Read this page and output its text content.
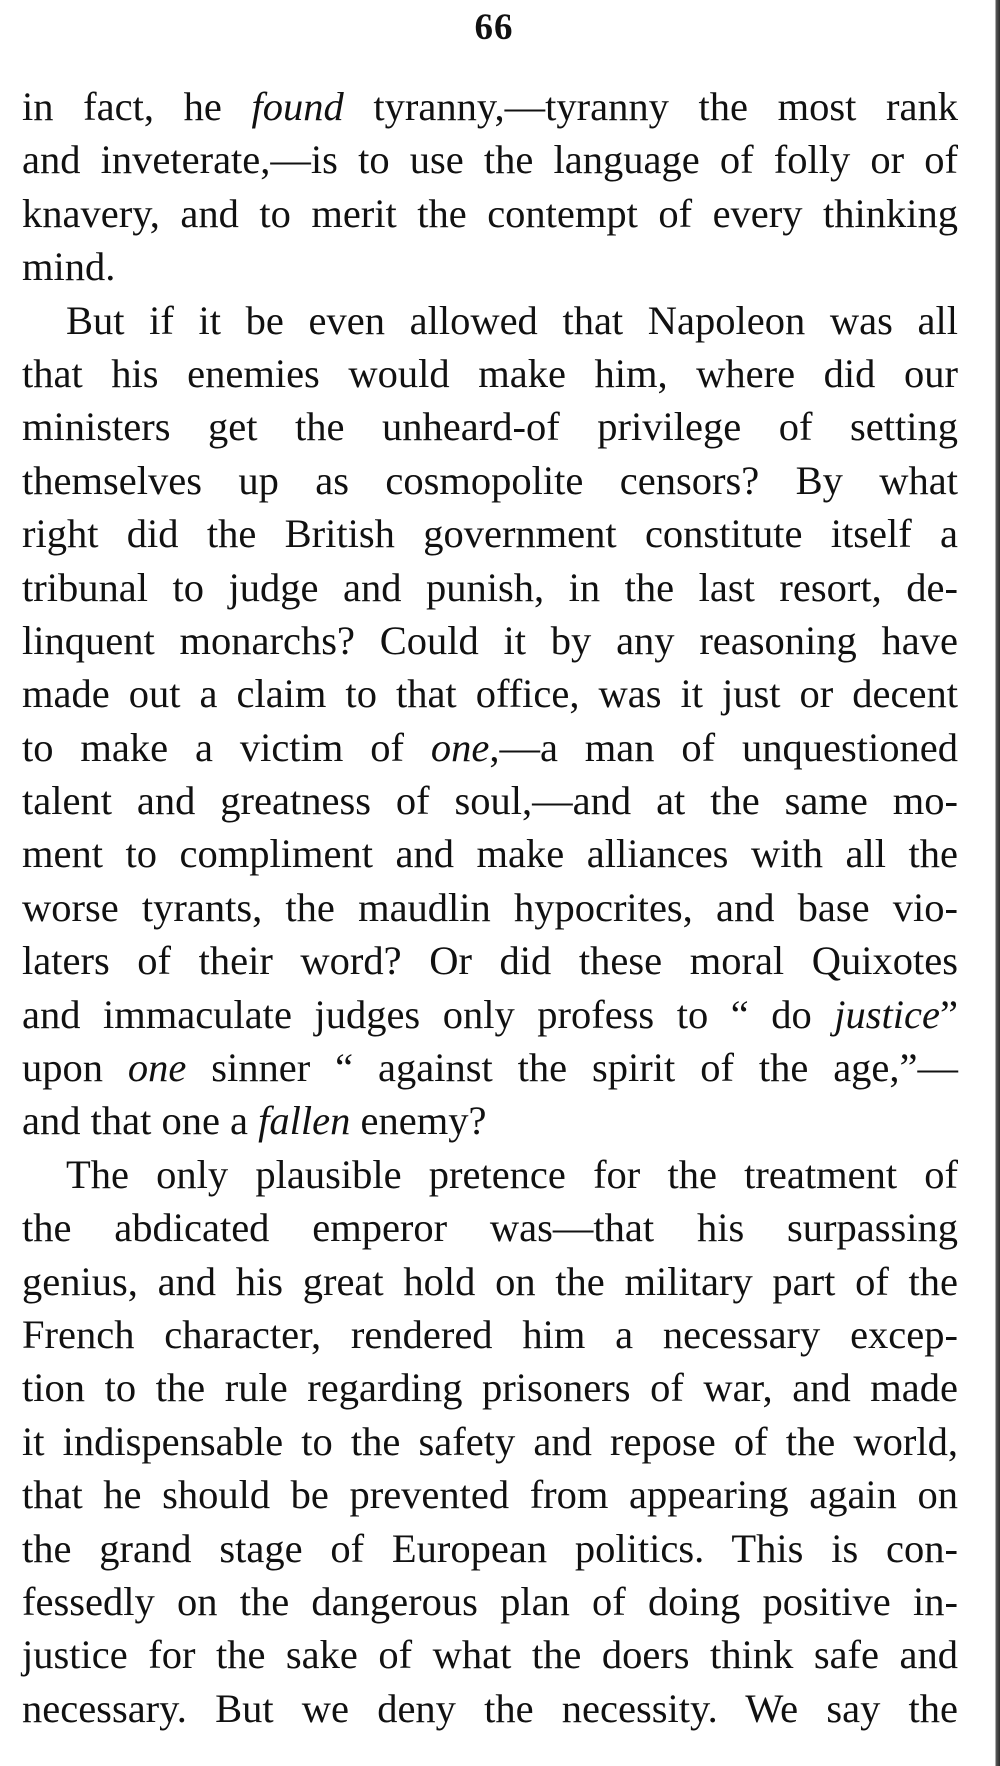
66
in fact, he found tyranny,—tyranny the most rank
and inveterate,—is to use the language of folly or of
knavery, and to merit the contempt of every thinking
mind.
But if it be even allowed that Napoleon was all
that his enemies would make him, where did our
ministers get the unheard-of privilege of setting
themselves up as cosmopolite censors? By what
right did the British government constitute itself a
tribunal to judge and punish, in the last resort, de-
linquent monarchs? Could it by any reasoning have
made out a claim to that office, was it just or decent
to make a victim of one,—a man of unquestioned
talent and greatness of soul,—and at the same mo-
ment to compliment and make alliances with all the
worse tyrants, the maudlin hypocrites, and base vio-
laters of their word? Or did these moral Quixotes
and immaculate judges only profess to “ do justice”
upon one sinner “ against the spirit of the age,”—
and that one a fallen enemy?
The only plausible pretence for the treatment of
the abdicated emperor was—that his surpassing
genius, and his great hold on the military part of the
French character, rendered him a necessary excep-
tion to the rule regarding prisoners of war, and made
it indispensable to the safety and repose of the world,
that he should be prevented from appearing again on
the grand stage of European politics. This is con-
fessedly on the dangerous plan of doing positive in-
justice for the sake of what the doers think safe and
necessary. But we deny the necessity. We say the
